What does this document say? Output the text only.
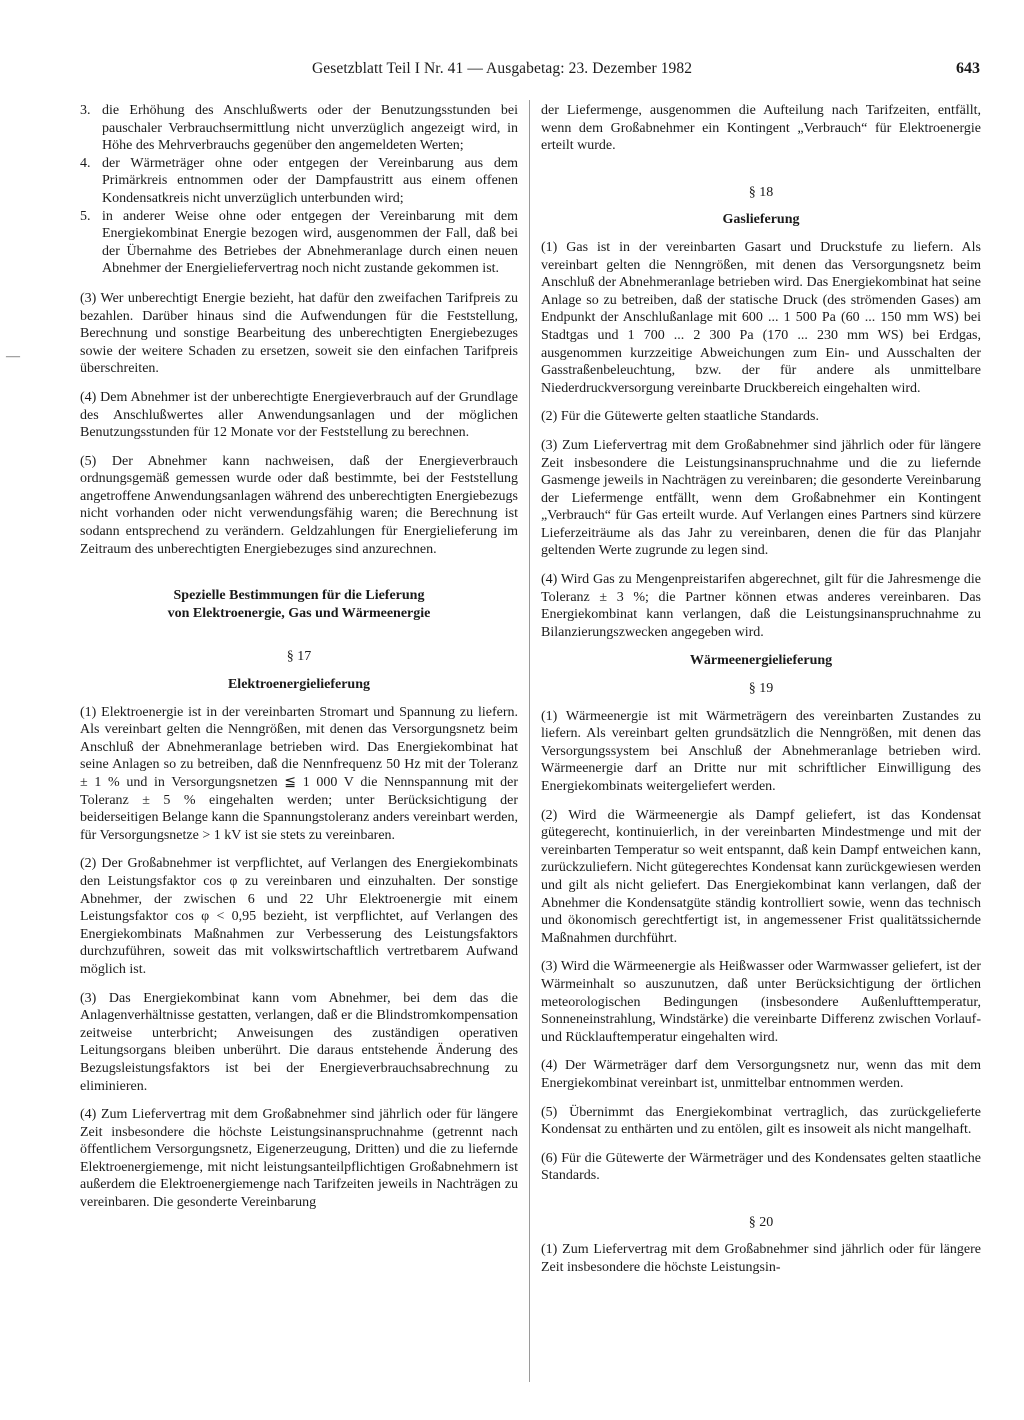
Gesetzblatt Teil I Nr. 41 — Ausgabetag: 23. Dezember 1982	643
—
3. die Erhöhung des Anschlußwerts oder der Benutzungsstunden bei pauschaler Verbrauchsermittlung nicht unverzüglich angezeigt wird, in Höhe des Mehrverbrauchs gegenüber den angemeldeten Werten;
4. der Wärmeträger ohne oder entgegen der Vereinbarung aus dem Primärkreis entnommen oder der Dampfaustritt aus einem offenen Kondensatkreis nicht unverzüglich unterbunden wird;
5. in anderer Weise ohne oder entgegen der Vereinbarung mit dem Energiekombinat Energie bezogen wird, ausgenommen der Fall, daß bei der Übernahme des Betriebes der Abnehmeranlage durch einen neuen Abnehmer der Energieliefervertrag noch nicht zustande gekommen ist.

(3) Wer unberechtigt Energie bezieht, hat dafür den zweifachen Tarifpreis zu bezahlen. Darüber hinaus sind die Aufwendungen für die Feststellung, Berechnung und sonstige Bearbeitung des unberechtigten Energiebezuges sowie der weitere Schaden zu ersetzen, soweit sie den einfachen Tarifpreis überschreiten.

(4) Dem Abnehmer ist der unberechtigte Energieverbrauch auf der Grundlage des Anschlußwertes aller Anwendungsanlagen und der möglichen Benutzungsstunden für 12 Monate vor der Feststellung zu berechnen.

(5) Der Abnehmer kann nachweisen, daß der Energieverbrauch ordnungsgemäß gemessen wurde oder daß bestimmte, bei der Feststellung angetroffene Anwendungsanlagen während des unberechtigten Energiebezugs nicht vorhanden oder nicht verwendungsfähig waren; die Berechnung ist sodann entsprechend zu verändern. Geldzahlungen für Energielieferung im Zeitraum des unberechtigten Energiebezuges sind anzurechnen.

Spezielle Bestimmungen für die Lieferung
von Elektroenergie, Gas und Wärmeenergie
§ 17
Elektroenergielieferung

(1) Elektroenergie ist in der vereinbarten Stromart und Spannung zu liefern. Als vereinbart gelten die Nenngrößen, mit denen das Versorgungsnetz beim Anschluß der Abnehmeranlage betrieben wird. Das Energiekombinat hat seine Anlagen so zu betreiben, daß die Nennfrequenz 50 Hz mit der Toleranz ± 1 % und in Versorgungsnetzen ≦ 1 000 V die Nennspannung mit der Toleranz ± 5 % eingehalten werden; unter Berücksichtigung der beiderseitigen Belange kann die Spannungstoleranz anders vereinbart werden, für Versorgungsnetze > 1 kV ist sie stets zu vereinbaren.

(2) Der Großabnehmer ist verpflichtet, auf Verlangen des Energiekombinats den Leistungsfaktor cos φ zu vereinbaren und einzuhalten. Der sonstige Abnehmer, der zwischen 6 und 22 Uhr Elektroenergie mit einem Leistungsfaktor cos φ < 0,95 bezieht, ist verpflichtet, auf Verlangen des Energiekombinats Maßnahmen zur Verbesserung des Leistungsfaktors durchzuführen, soweit das mit volkswirtschaftlich vertretbarem Aufwand möglich ist.

(3) Das Energiekombinat kann vom Abnehmer, bei dem das die Anlagenverhältnisse gestatten, verlangen, daß er die Blindstromkompensation zeitweise unterbricht; Anweisungen des zuständigen operativen Leitungsorgans bleiben unberührt. Die daraus entstehende Änderung des Bezugsleistungsfaktors ist bei der Energieverbrauchsabrechnung zu eliminieren.

(4) Zum Liefervertrag mit dem Großabnehmer sind jährlich oder für längere Zeit insbesondere die höchste Leistungsinanspruchnahme (getrennt nach öffentlichem Versorgungsnetz, Eigenerzeugung, Dritten) und die zu liefernde Elektroenergiemenge, mit nicht leistungsanteilpflichtigen Großabnehmern ist außerdem die Elektroenergiemenge nach Tarifzeiten jeweils in Nachträgen zu vereinbaren. Die gesonderte Vereinbarung

der Liefermenge, ausgenommen die Aufteilung nach Tarifzeiten, entfällt, wenn dem Großabnehmer ein Kontingent „Verbrauch“ für Elektroenergie erteilt wurde.

§ 18
Gaslieferung

(1) Gas ist in der vereinbarten Gasart und Druckstufe zu liefern. Als vereinbart gelten die Nenngrößen, mit denen das Versorgungsnetz beim Anschluß der Abnehmeranlage betrieben wird. Das Energiekombinat hat seine Anlage so zu betreiben, daß der statische Druck (des strömenden Gases) am Endpunkt der Anschlußanlage mit 600 ... 1 500 Pa (60 ... 150 mm WS) bei Stadtgas und 1 700 ... 2 300 Pa (170 ... 230 mm WS) bei Erdgas, ausgenommen kurzzeitige Abweichungen zum Ein- und Ausschalten der Gasstraßenbeleuchtung, bzw. der für andere als unmittelbare Niederdruckversorgung vereinbarte Druckbereich eingehalten wird.

(2) Für die Gütewerte gelten staatliche Standards.

(3) Zum Liefervertrag mit dem Großabnehmer sind jährlich oder für längere Zeit insbesondere die Leistungsinanspruchnahme und die zu liefernde Gasmenge jeweils in Nachträgen zu vereinbaren; die gesonderte Vereinbarung der Liefermenge entfällt, wenn dem Großabnehmer ein Kontingent „Verbrauch“ für Gas erteilt wurde. Auf Verlangen eines Partners sind kürzere Lieferzeiträume als das Jahr zu vereinbaren, denen die für das Planjahr geltenden Werte zugrunde zu legen sind.

(4) Wird Gas zu Mengenpreistarifen abgerechnet, gilt für die Jahresmenge die Toleranz ± 3 %; die Partner können etwas anderes vereinbaren. Das Energiekombinat kann verlangen, daß die Leistungsinanspruchnahme zu Bilanzierungszwecken angegeben wird.

Wärmeenergielieferung
§ 19

(1) Wärmeenergie ist mit Wärmeträgern des vereinbarten Zustandes zu liefern. Als vereinbart gelten grundsätzlich die Nenngrößen, mit denen das Versorgungssystem bei Anschluß der Abnehmeranlage betrieben wird. Wärmeenergie darf an Dritte nur mit schriftlicher Einwilligung des Energiekombinats weitergeliefert werden.

(2) Wird die Wärmeenergie als Dampf geliefert, ist das Kondensat gütegerecht, kontinuierlich, in der vereinbarten Mindestmenge und mit der vereinbarten Temperatur so weit entspannt, daß kein Dampf entweichen kann, zurückzuliefern. Nicht gütegerechtes Kondensat kann zurückgewiesen werden und gilt als nicht geliefert. Das Energiekombinat kann verlangen, daß der Abnehmer die Kondensatgüte ständig kontrolliert sowie, wenn das technisch und ökonomisch gerechtfertigt ist, in angemessener Frist qualitätssichernde Maßnahmen durchführt.

(3) Wird die Wärmeenergie als Heißwasser oder Warmwasser geliefert, ist der Wärmeinhalt so auszunutzen, daß unter Berücksichtigung der örtlichen meteorologischen Bedingungen (insbesondere Außenlufttemperatur, Sonneneinstrahlung, Windstärke) die vereinbarte Differenz zwischen Vorlauf- und Rücklauftemperatur eingehalten wird.

(4) Der Wärmeträger darf dem Versorgungsnetz nur, wenn das mit dem Energiekombinat vereinbart ist, unmittelbar entnommen werden.

(5) Übernimmt das Energiekombinat vertraglich, das zurückgelieferte Kondensat zu enthärten und zu entölen, gilt es insoweit als nicht mangelhaft.

(6) Für die Gütewerte der Wärmeträger und des Kondensates gelten staatliche Standards.

§ 20

(1) Zum Liefervertrag mit dem Großabnehmer sind jährlich oder für längere Zeit insbesondere die höchste Leistungsin-
